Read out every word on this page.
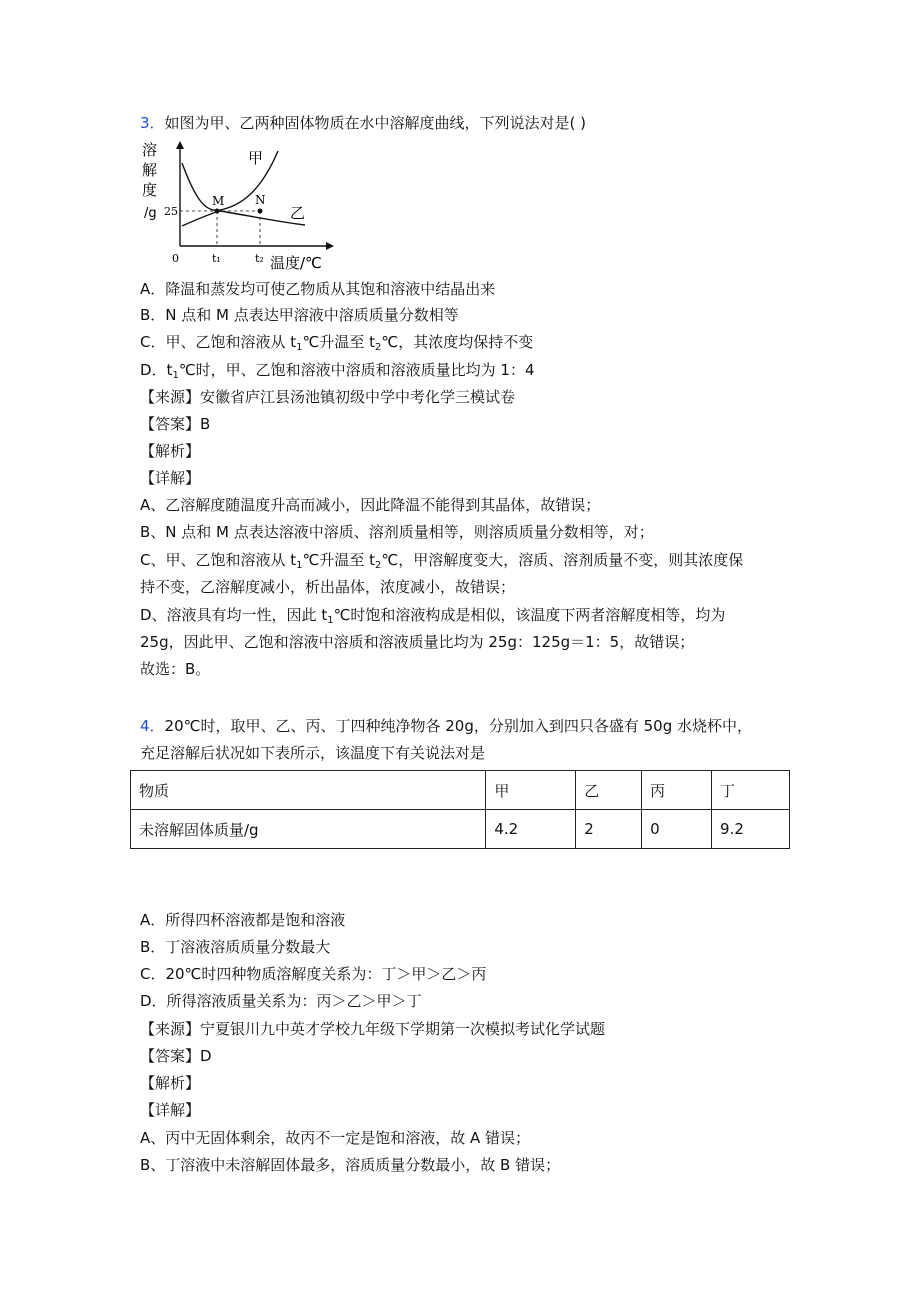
3．如图为甲、乙两种固体物质在水中溶解度曲线，下列说法对是( )
溶
解
度
/g 25
M	N
甲
乙
0	t₁	t₂ 温度/℃
A．降温和蒸发均可使乙物质从其饱和溶液中结晶出来
B．N 点和 M 点表达甲溶液中溶质质量分数相等
C．甲、乙饱和溶液从 $t_1℃$升温至 $t_2℃$，其浓度均保持不变
D．$t_1℃$时，甲、乙饱和溶液中溶质和溶液质量比均为 1：4
【来源】安徽省庐江县汤池镇初级中学中考化学三模试卷
【答案】B
【解析】
【详解】
A、乙溶解度随温度升高而减小，因此降温不能得到其晶体，故错误；
B、N 点和 M 点表达溶液中溶质、溶剂质量相等，则溶质质量分数相等，对；
C、甲、乙饱和溶液从 $t_1℃$升温至 $t_2℃$，甲溶解度变大，溶质、溶剂质量不变，则其浓度保
持不变，乙溶解度减小，析出晶体，浓度减小，故错误；
D、溶液具有均一性，因此 $t_1℃$时饱和溶液构成是相似，该温度下两者溶解度相等，均为
25g，因此甲、乙饱和溶液中溶质和溶液质量比均为 25g：125g＝1：5，故错误；
故选：B。
4．20℃时，取甲、乙、丙、丁四种纯净物各 20g，分别加入到四只各盛有 50g 水烧杯中，
充足溶解后状况如下表所示，该温度下有关说法对是
物质	甲	乙	丙	丁
未溶解固体质量/g	4.2	2	0	9.2
A．所得四杯溶液都是饱和溶液
B．丁溶液溶质质量分数最大
C．20℃时四种物质溶解度关系为：丁＞甲＞乙＞丙
D．所得溶液质量关系为：丙＞乙＞甲＞丁
【来源】宁夏银川九中英才学校九年级下学期第一次模拟考试化学试题
【答案】D
【解析】
【详解】
A、丙中无固体剩余，故丙不一定是饱和溶液，故 A 错误；
B、丁溶液中未溶解固体最多，溶质质量分数最小，故 B 错误；
